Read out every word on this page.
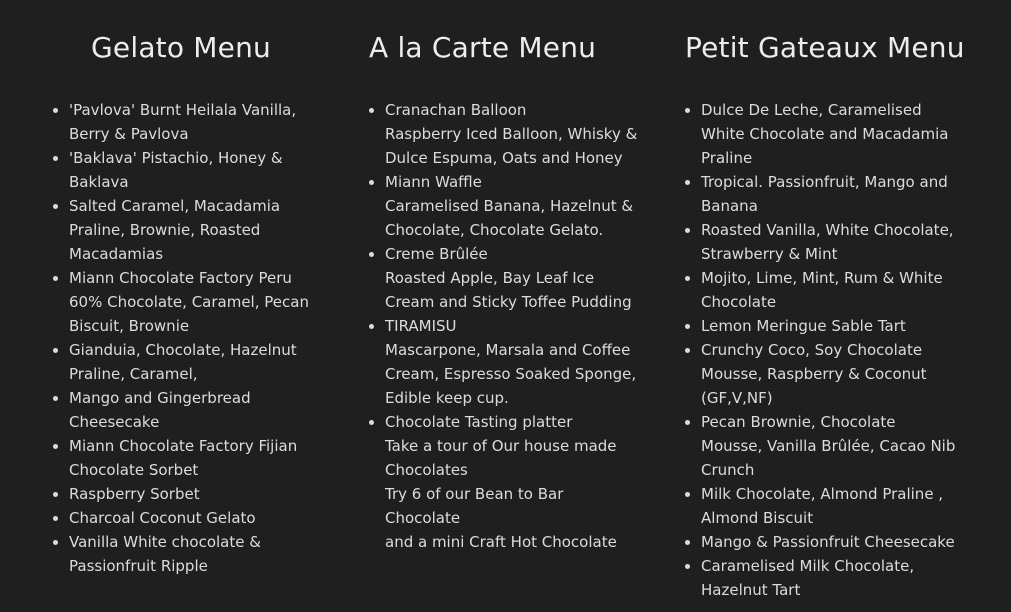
Gelato Menu
• 'Pavlova' Burnt Heilala Vanilla,
Berry & Pavlova
• 'Baklava' Pistachio, Honey &
Baklava
• Salted Caramel, Macadamia
Praline, Brownie, Roasted
Macadamias
• Miann Chocolate Factory Peru
60% Chocolate, Caramel, Pecan
Biscuit, Brownie
• Gianduia, Chocolate, Hazelnut
Praline, Caramel,
• Mango and Gingerbread
Cheesecake
• Miann Chocolate Factory Fijian
Chocolate Sorbet
• Raspberry Sorbet
• Charcoal Coconut Gelato
• Vanilla White chocolate &
Passionfruit Ripple
A la Carte Menu
• Cranachan Balloon
Raspberry Iced Balloon, Whisky &
Dulce Espuma, Oats and Honey
• Miann Waffle
Caramelised Banana, Hazelnut &
Chocolate, Chocolate Gelato.
• Creme Brûlée
Roasted Apple, Bay Leaf Ice
Cream and Sticky Toffee Pudding
• TIRAMISU
Mascarpone, Marsala and Coffee
Cream, Espresso Soaked Sponge,
Edible keep cup.
• Chocolate Tasting platter
Take a tour of Our house made
Chocolates
Try 6 of our Bean to Bar Chocolate
and a mini Craft Hot Chocolate
Petit Gateaux Menu
• Dulce De Leche, Caramelised
White Chocolate and Macadamia
Praline
• Tropical. Passionfruit, Mango and
Banana
• Roasted Vanilla, White Chocolate,
Strawberry & Mint
• Mojito, Lime, Mint, Rum & White
Chocolate
• Lemon Meringue Sable Tart
• Crunchy Coco, Soy Chocolate
Mousse, Raspberry & Coconut
(GF,V,NF)
• Pecan Brownie, Chocolate
Mousse, Vanilla Brûlée, Cacao Nib
Crunch
• Milk Chocolate, Almond Praline ,
Almond Biscuit
• Mango & Passionfruit Cheesecake
• Caramelised Milk Chocolate,
Hazelnut Tart
